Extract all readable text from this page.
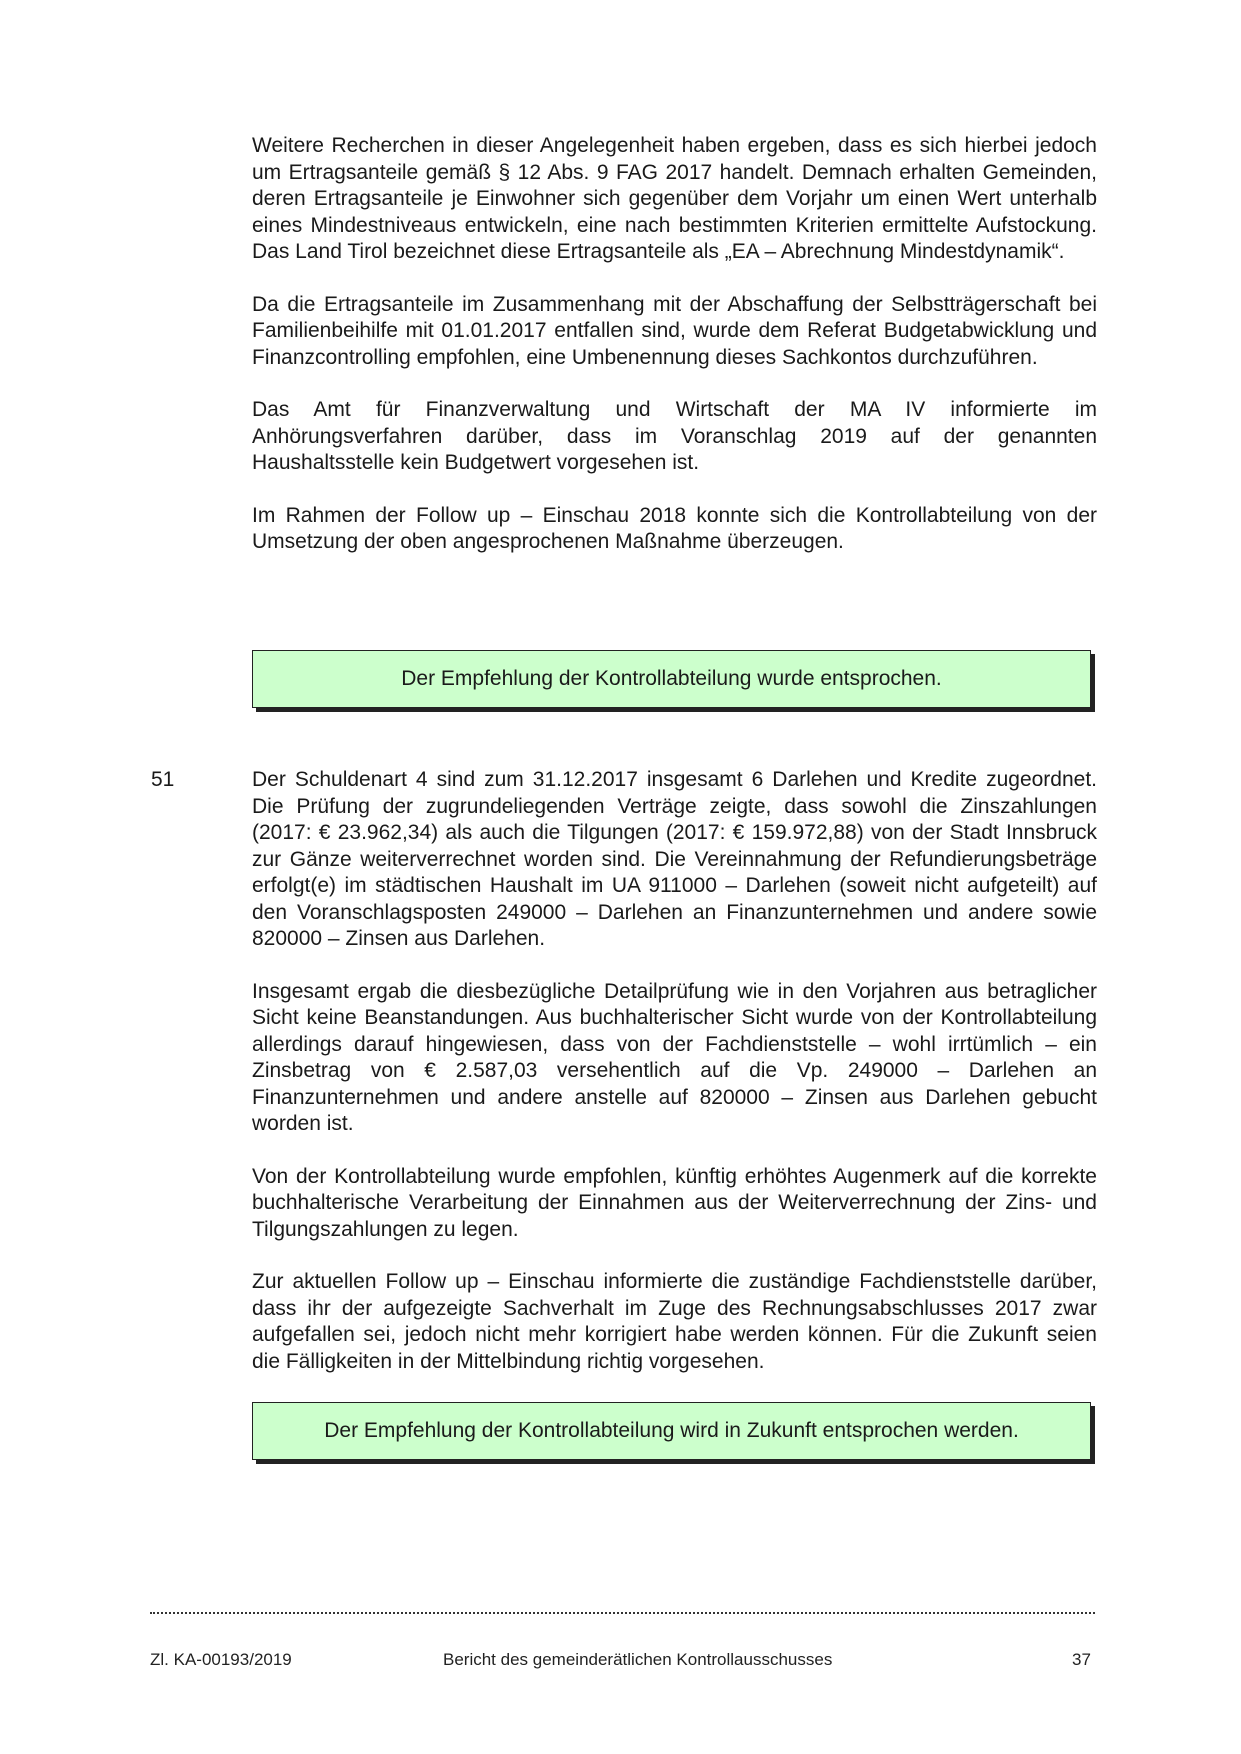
Weitere Recherchen in dieser Angelegenheit haben ergeben, dass es sich hierbei jedoch um Ertragsanteile gemäß § 12 Abs. 9 FAG 2017 handelt. Demnach erhalten Gemeinden, deren Ertragsanteile je Einwohner sich gegenüber dem Vorjahr um einen Wert unterhalb eines Mindestniveaus entwickeln, eine nach bestimmten Kriterien ermittelte Aufstockung. Das Land Tirol bezeichnet diese Ertragsanteile als „EA – Abrechnung Mindestdynamik“.

Da die Ertragsanteile im Zusammenhang mit der Abschaffung der Selbstträgerschaft bei Familienbeihilfe mit 01.01.2017 entfallen sind, wurde dem Referat Budgetabwicklung und Finanzcontrolling empfohlen, eine Umbenennung dieses Sachkontos durchzuführen.

Das Amt für Finanzverwaltung und Wirtschaft der MA IV informierte im Anhörungsverfahren darüber, dass im Voranschlag 2019 auf der genannten Haushaltsstelle kein Budgetwert vorgesehen ist.

Im Rahmen der Follow up – Einschau 2018 konnte sich die Kontrollabteilung von der Umsetzung der oben angesprochenen Maßnahme überzeugen.

Der Empfehlung der Kontrollabteilung wurde entsprochen.
51	Der Schuldenart 4 sind zum 31.12.2017 insgesamt 6 Darlehen und Kredite zugeordnet. Die Prüfung der zugrundeliegenden Verträge zeigte, dass sowohl die Zinszahlungen (2017: € 23.962,34) als auch die Tilgungen (2017: € 159.972,88) von der Stadt Innsbruck zur Gänze weiterverrechnet worden sind. Die Vereinnahmung der Refundierungsbeträge erfolgt(e) im städtischen Haushalt im UA 911000 – Darlehen (soweit nicht aufgeteilt) auf den Voranschlagsposten 249000 – Darlehen an Finanzunternehmen und andere sowie 820000 – Zinsen aus Darlehen.

Insgesamt ergab die diesbezügliche Detailprüfung wie in den Vorjahren aus betraglicher Sicht keine Beanstandungen. Aus buchhalterischer Sicht wurde von der Kontrollabteilung allerdings darauf hingewiesen, dass von der Fachdienststelle – wohl irrtümlich – ein Zinsbetrag von € 2.587,03 versehentlich auf die Vp. 249000 – Darlehen an Finanzunternehmen und andere anstelle auf 820000 – Zinsen aus Darlehen gebucht worden ist.

Von der Kontrollabteilung wurde empfohlen, künftig erhöhtes Augenmerk auf die korrekte buchhalterische Verarbeitung der Einnahmen aus der Weiterverrechnung der Zins- und Tilgungszahlungen zu legen.

Zur aktuellen Follow up – Einschau informierte die zuständige Fachdienststelle darüber, dass ihr der aufgezeigte Sachverhalt im Zuge des Rechnungsabschlusses 2017 zwar aufgefallen sei, jedoch nicht mehr korrigiert habe werden können. Für die Zukunft seien die Fälligkeiten in der Mittelbindung richtig vorgesehen.

Der Empfehlung der Kontrollabteilung wird in Zukunft entsprochen werden.
Zl. KA-00193/2019	Bericht des gemeinderätlichen Kontrollausschusses	37
